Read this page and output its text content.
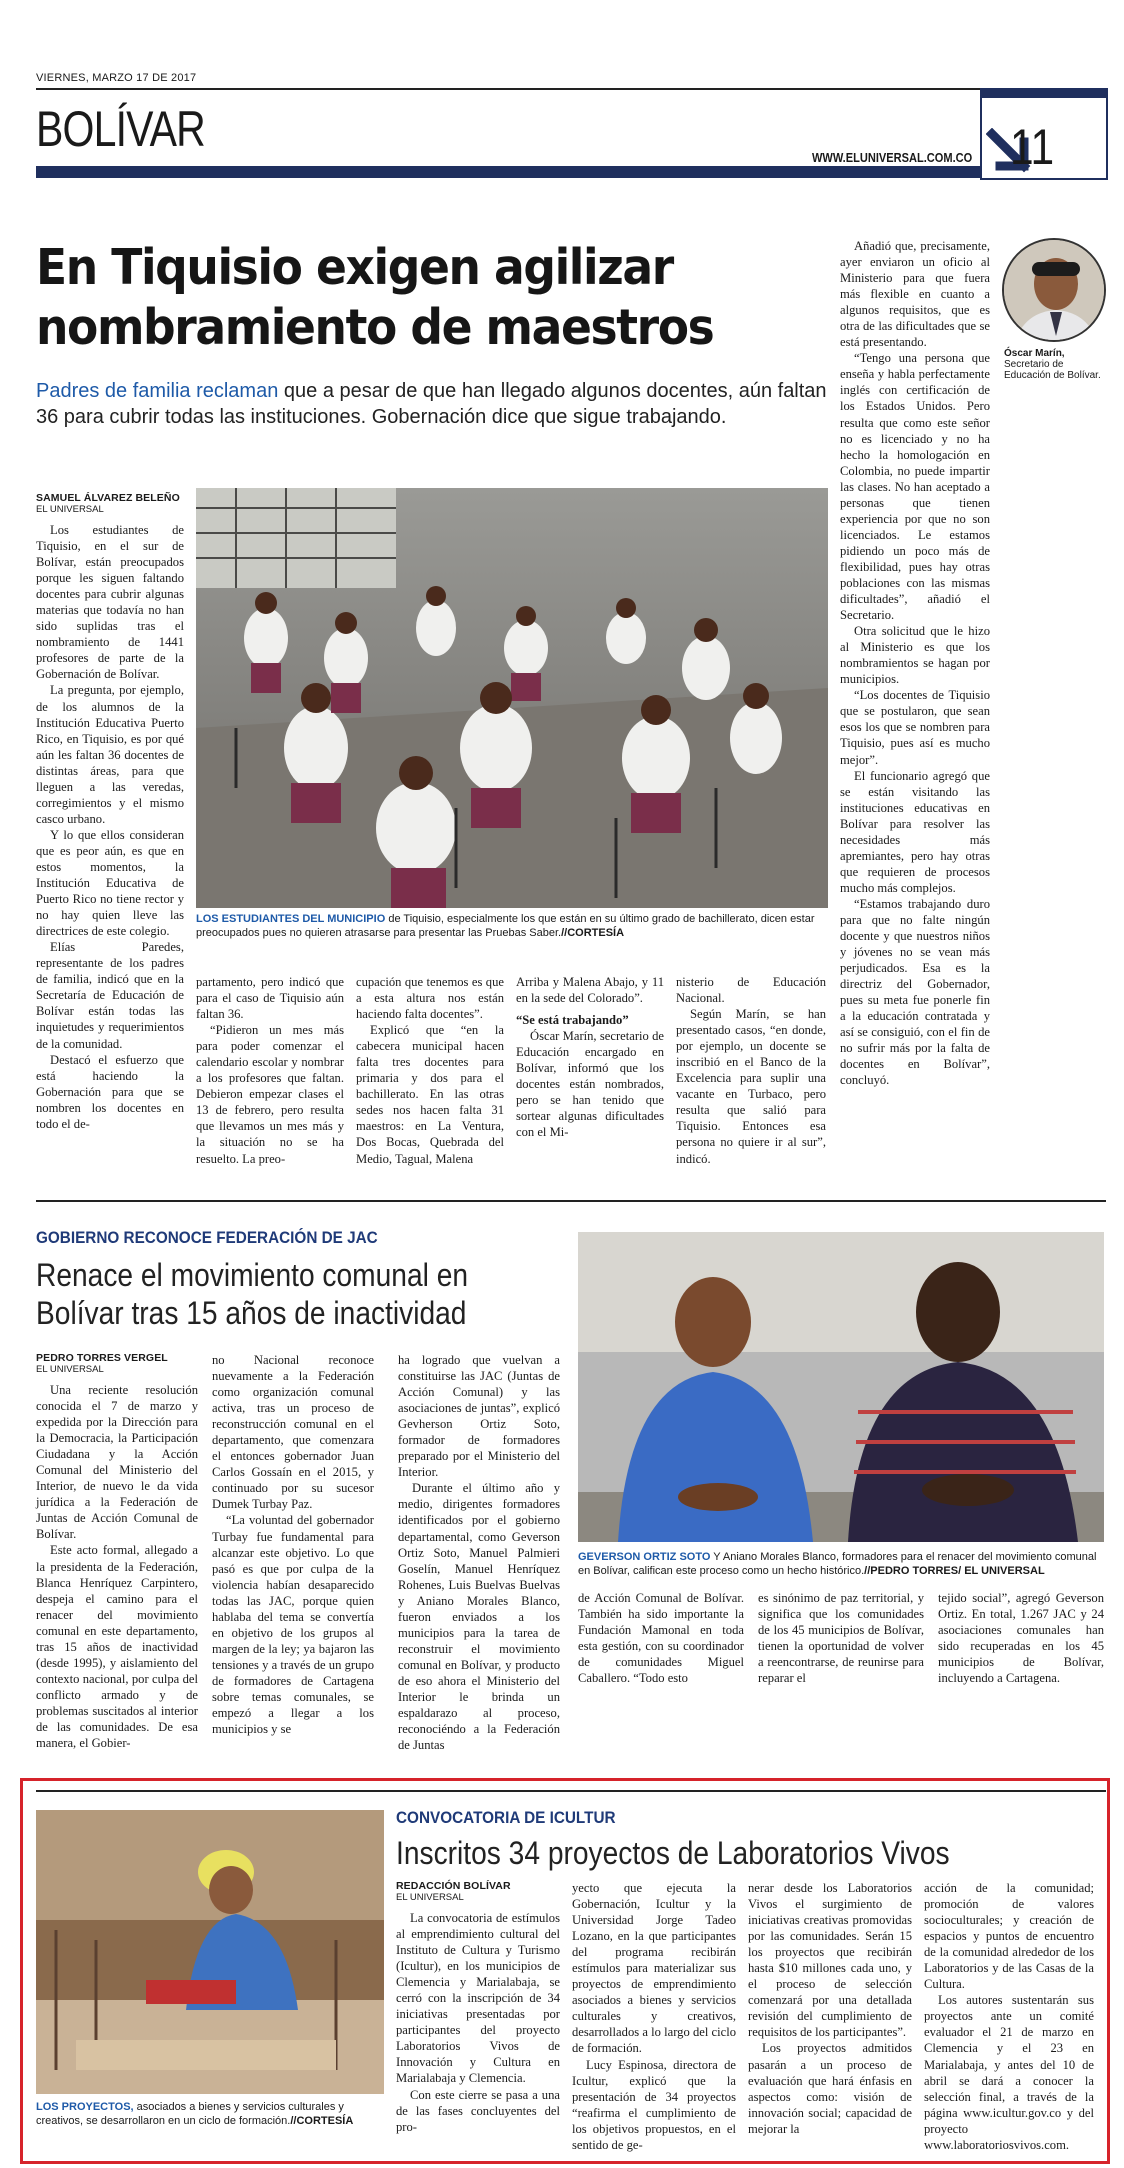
VIERNES, MARZO 17 DE 2017
BOLÍVAR
WWW.ELUNIVERSAL.COM.CO 11
En Tiquisio exigen agilizar
nombramiento de maestros
Padres de familia reclaman que a pesar de que han llegado algunos docentes, aún faltan 36 para cubrir todas las instituciones. Gobernación dice que sigue trabajando.
Óscar Marín, Secretario de Educación de Bolívar.
SAMUEL ÁLVAREZ BELEÑO
EL UNIVERSAL

Los estudiantes de Tiquisio, en el sur de Bolívar, están preocupados porque les siguen faltando docentes para cubrir algunas materias que todavía no han sido suplidas tras el nombramiento de 1441 profesores de parte de la Gobernación de Bolívar.

La pregunta, por ejemplo, de los alumnos de la Institución Educativa Puerto Rico, en Tiquisio, es por qué aún les faltan 36 docentes de distintas áreas, para que lleguen a las veredas, corregimientos y el mismo casco urbano.

Y lo que ellos consideran que es peor aún, es que en estos momentos, la Institución Educativa de Puerto Rico no tiene rector y no hay quien lleve las directrices de este colegio.

Elías Paredes, representante de los padres de familia, indicó que en la Secretaría de Educación de Bolívar están todas las inquietudes y requerimientos de la comunidad.

Destacó el esfuerzo que está haciendo la Gobernación para que se nombren los docentes en todo el de-

LOS ESTUDIANTES DEL MUNICIPIO de Tiquisio, especialmente los que están en su último grado de bachillerato, dicen estar preocupados pues no quieren atrasarse para presentar las Pruebas Saber.//CORTESÍA

partamento, pero indicó que para el caso de Tiquisio aún faltan 36.

“Pidieron un mes más para poder comenzar el calendario escolar y nombrar a los profesores que faltan. Debieron empezar clases el 13 de febrero, pero resulta que llevamos un mes más y la situación no se ha resuelto. La preo-

cupación que tenemos es que a esta altura nos están haciendo falta docentes”.

Explicó que “en la cabecera municipal hacen falta tres docentes para primaria y dos para el bachillerato. En las otras sedes nos hacen falta 31 maestros: en La Ventura, Dos Bocas, Quebrada del Medio, Tagual, Malena

Arriba y Malena Abajo, y 11 en la sede del Colorado”.

“Se está trabajando”

Óscar Marín, secretario de Educación encargado en Bolívar, informó que los docentes están nombrados, pero se han tenido que sortear algunas dificultades con el Mi-

nisterio de Educación Nacional.

Según Marín, se han presentado casos, “en donde, por ejemplo, un docente se inscribió en el Banco de la Excelencia para suplir una vacante en Turbaco, pero resulta que salió para Tiquisio. Entonces esa persona no quiere ir al sur”, indicó.

Añadió que, precisamente, ayer enviaron un oficio al Ministerio para que fuera más flexible en cuanto a algunos requisitos, que es otra de las dificultades que se está presentando.

“Tengo una persona que enseña y habla perfectamente inglés con certificación de los Estados Unidos. Pero resulta que como este señor no es licenciado y no ha hecho la homologación en Colombia, no puede impartir las clases. No han aceptado a personas que tienen experiencia por que no son licenciados. Le estamos pidiendo un poco más de flexibilidad, pues hay otras poblaciones con las mismas dificultades”, añadió el Secretario.

Otra solicitud que le hizo al Ministerio es que los nombramientos se hagan por municipios.

“Los docentes de Tiquisio que se postularon, que sean esos los que se nombren para Tiquisio, pues así es mucho mejor”.

El funcionario agregó que se están visitando las instituciones educativas en Bolívar para resolver las necesidades más apremiantes, pero hay otras que requieren de procesos mucho más complejos.

“Estamos trabajando duro para que no falte ningún docente y que nuestros niños y jóvenes no se vean más perjudicados. Esa es la directriz del Gobernador, pues su meta fue ponerle fin a la educación contratada y así se consiguió, con el fin de no sufrir más por la falta de docentes en Bolívar”, concluyó.

GOBIERNO RECONOCE FEDERACIÓN DE JAC
Renace el movimiento comunal en
Bolívar tras 15 años de inactividad
PEDRO TORRES VERGEL
EL UNIVERSAL

Una reciente resolución conocida el 7 de marzo y expedida por la Dirección para la Democracia, la Participación Ciudadana y la Acción Comunal del Ministerio del Interior, de nuevo le da vida jurídica a la Federación de Juntas de Acción Comunal de Bolívar.

Este acto formal, allegado a la presidenta de la Federación, Blanca Henríquez Carpintero, despeja el camino para el renacer del movimiento comunal en este departamento, tras 15 años de inactividad (desde 1995), y aislamiento del contexto nacional, por culpa del conflicto armado y de problemas suscitados al interior de las comunidades. De esa manera, el Gobier-

no Nacional reconoce nuevamente a la Federación como organización comunal activa, tras un proceso de reconstrucción comunal en el departamento, que comenzara el entonces gobernador Juan Carlos Gossaín en el 2015, y continuado por su sucesor Dumek Turbay Paz.

“La voluntad del gobernador Turbay fue fundamental para alcanzar este objetivo. Lo que pasó es que por culpa de la violencia habían desaparecido todas las JAC, porque quien hablaba del tema se convertía en objetivo de los grupos al margen de la ley; ya bajaron las tensiones y a través de un grupo de formadores de Cartagena sobre temas comunales, se empezó a llegar a los municipios y se

ha logrado que vuelvan a constituirse las JAC (Juntas de Acción Comunal) y las asociaciones de juntas”, explicó Gevherson Ortiz Soto, formador de formadores preparado por el Ministerio del Interior.

Durante el último año y medio, dirigentes formadores identificados por el gobierno departamental, como Geverson Ortiz Soto, Manuel Palmieri Goselín, Manuel Henríquez Rohenes, Luis Buelvas Buelvas y Aniano Morales Blanco, fueron enviados a los municipios para la tarea de reconstruir el movimiento comunal en Bolívar, y producto de eso ahora el Ministerio del Interior le brinda un espaldarazo al proceso, reconociéndo a la Federación de Juntas

GEVERSON ORTIZ SOTO Y Aniano Morales Blanco, formadores para el renacer del movimiento comunal en Bolívar, califican este proceso como un hecho histórico.//PEDRO TORRES/ EL UNIVERSAL

de Acción Comunal de Bolívar. También ha sido importante la Fundación Mamonal en toda esta gestión, con su coordinador de comunidades Miguel Caballero. “Todo esto

es sinónimo de paz territorial, y significa que los comunidades de los 45 municipios de Bolívar, tienen la oportunidad de volver a reencontrarse, de reunirse para reparar el

tejido social”, agregó Geverson Ortiz. En total, 1.267 JAC y 24 asociaciones comunales han sido recuperadas en los 45 municipios de Bolívar, incluyendo a Cartagena.

LOS PROYECTOS, asociados a bienes y servicios culturales y creativos, se desarrollaron en un ciclo de formación.//CORTESÍA
CONVOCATORIA DE ICULTUR
Inscritos 34 proyectos de Laboratorios Vivos
REDACCIÓN BOLÍVAR
EL UNIVERSAL

La convocatoria de estímulos al emprendimiento cultural del Instituto de Cultura y Turismo (Icultur), en los municipios de Clemencia y Marialabaja, se cerró con la inscripción de 34 iniciativas presentadas por participantes del proyecto Laboratorios Vivos de Innovación y Cultura en Marialabaja y Clemencia.

Con este cierre se pasa a una de las fases concluyentes del pro-

yecto que ejecuta la Gobernación, Icultur y la Universidad Jorge Tadeo Lozano, en la que participantes del programa recibirán estímulos para materializar sus proyectos de emprendimiento asociados a bienes y servicios culturales y creativos, desarrollados a lo largo del ciclo de formación.

Lucy Espinosa, directora de Icultur, explicó que la presentación de 34 proyectos “reafirma el cumplimiento de los objetivos propuestos, en el sentido de ge-

nerar desde los Laboratorios Vivos el surgimiento de iniciativas creativas promovidas por las comunidades. Serán 15 los proyectos que recibirán hasta $10 millones cada uno, y el proceso de selección comenzará por una detallada revisión del cumplimiento de requisitos de los participantes”.

Los proyectos admitidos pasarán a un proceso de evaluación que hará énfasis en aspectos como: visión de innovación social; capacidad de mejorar la

acción de la comunidad; promoción de valores socioculturales; y creación de espacios y puntos de encuentro de la comunidad alrededor de los Laboratorios y de las Casas de la Cultura.

Los autores sustentarán sus proyectos ante un comité evaluador el 21 de marzo en Clemencia y el 23 en Marialabaja, y antes del 10 de abril se dará a conocer la selección final, a través de la página www.icultur.gov.co y del proyecto www.laboratoriosvivos.com.
